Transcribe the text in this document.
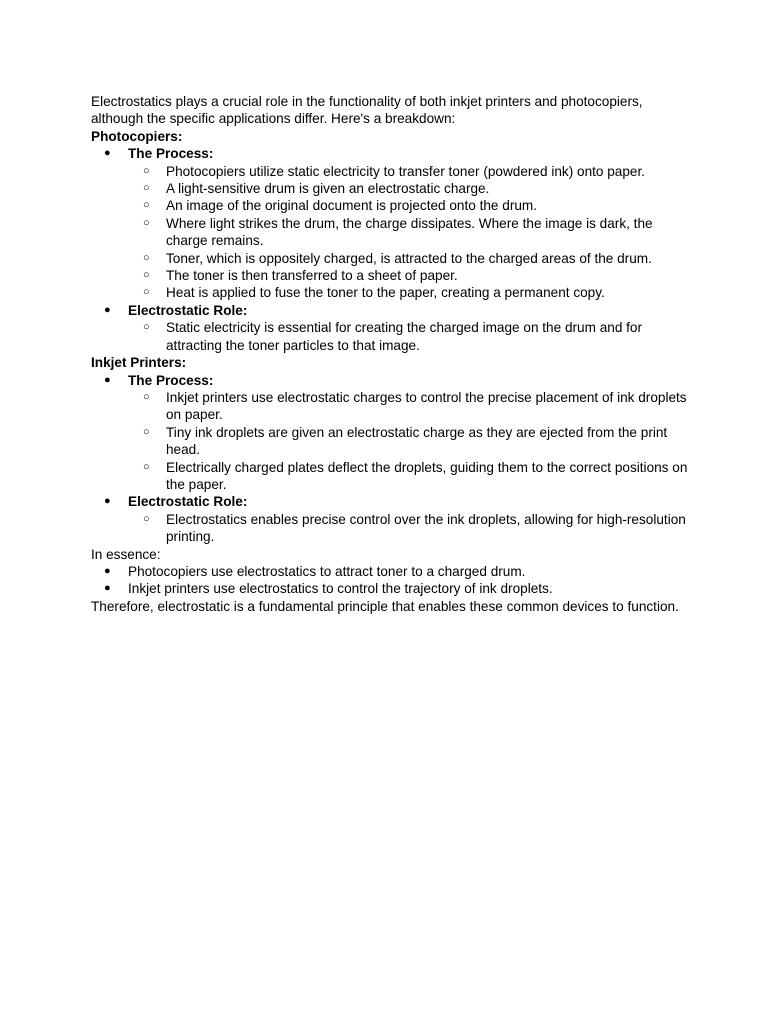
Electrostatics plays a crucial role in the functionality of both inkjet printers and photocopiers, although the specific applications differ. Here's a breakdown:

Photocopiers:

● The Process:
○ Photocopiers utilize static electricity to transfer toner (powdered ink) onto paper.
○ A light-sensitive drum is given an electrostatic charge.
○ An image of the original document is projected onto the drum.
○ Where light strikes the drum, the charge dissipates. Where the image is dark, the charge remains.
○ Toner, which is oppositely charged, is attracted to the charged areas of the drum.
○ The toner is then transferred to a sheet of paper.
○ Heat is applied to fuse the toner to the paper, creating a permanent copy.
● Electrostatic Role:
○ Static electricity is essential for creating the charged image on the drum and for attracting the toner particles to that image.

Inkjet Printers:

● The Process:
○ Inkjet printers use electrostatic charges to control the precise placement of ink droplets on paper.
○ Tiny ink droplets are given an electrostatic charge as they are ejected from the print head.
○ Electrically charged plates deflect the droplets, guiding them to the correct positions on the paper.
● Electrostatic Role:
○ Electrostatics enables precise control over the ink droplets, allowing for high-resolution printing.

In essence:

● Photocopiers use electrostatics to attract toner to a charged drum.
● Inkjet printers use electrostatics to control the trajectory of ink droplets.

Therefore, electrostatic is a fundamental principle that enables these common devices to function.
